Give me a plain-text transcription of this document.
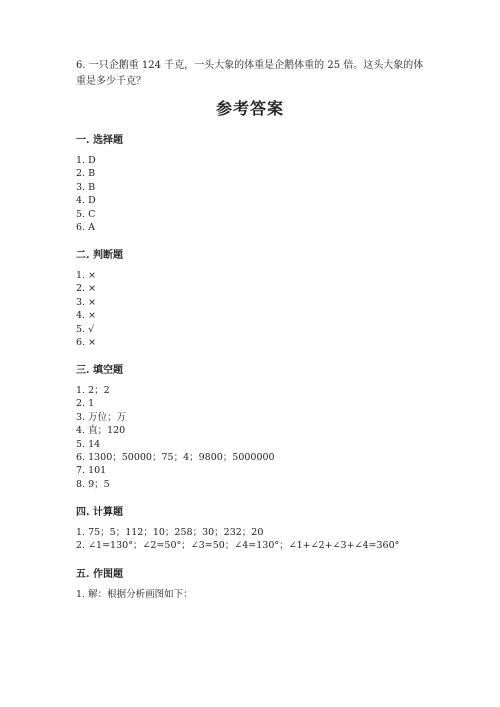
6. 一只企鹅重 124 千克，一头大象的体重是企鹅体重的 25 倍。这头大象的体重是多少千克？

参考答案
一. 选择题
1. D
2. B
3. B
4. D
5. C
6. A
二. 判断题
1. ×
2. ×
3. ×
4. ×
5. √
6. ×
三. 填空题
1. 2；2
2. 1
3. 万位；万
4. 直；120
5. 14
6. 1300；50000；75；4；9800；5000000
7. 101
8. 9；5
四. 计算题
1. 75；5；112；10；258；30；232；20
2. ∠1=130°；∠2=50°；∠3=50；∠4=130°；∠1+∠2+∠3+∠4=360°
五. 作图题
1. 解：根据分析画图如下：
